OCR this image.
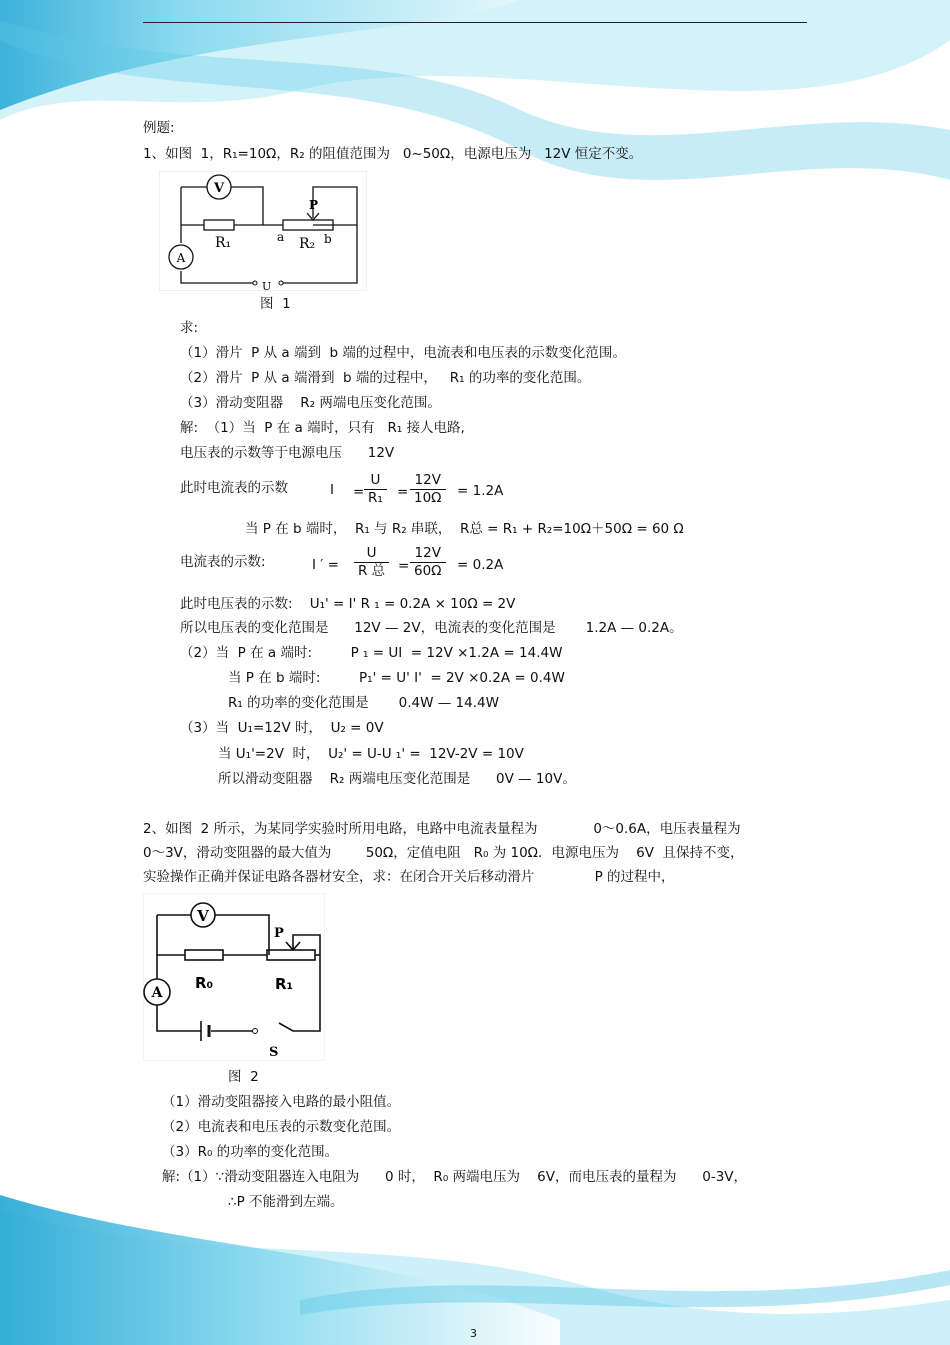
例题:
1、如图  1，R₁=10Ω，R₂ 的阻值范围为   0~50Ω，电源电压为   12V 恒定不变。
V
A
R₁	a R₂ b
P
U
图  1
求:
（1）滑片  P 从 a 端到  b 端的过程中，电流表和电压表的示数变化范围。
（2）滑片  P 从 a 端滑到  b 端的过程中，   R₁ 的功率的变化范围。
（3）滑动变阻器    R₂ 两端电压变化范围。
解:  （1）当  P 在 a 端时，只有   R₁ 接人电路,
电压表的示数等于电源电压      12V
此时电流表的示数	$I = \frac{U}{\text{R₁}} = \frac{12V}{10\Omega} = 1.2A$
当 P 在 b 端时，  R₁ 与 R₂ 串联，  R总 = R₁ + R₂=10Ω＋50Ω = 60 Ω
电流表的示数:	I ′ =
U
R 总 = $\frac{12V}{60\Omega} = 0.2A$
此时电压表的示数:    U₁' = I' R ₁ = 0.2A × 10Ω = 2V
所以电压表的变化范围是      12V — 2V，电流表的变化范围是       1.2A — 0.2A。
（2）当  P 在 a 端时:         P ₁ = UI  = 12V ×1.2A = 14.4W
当 P 在 b 端时:         P₁' = U' I'  = 2V ×0.2A = 0.4W
R₁ 的功率的变化范围是       0.4W — 14.4W
（3）当  U₁=12V 时，  U₂ = 0V
当 U₁'=2V  时，  U₂' = U-U ₁' =  12V-2V = 10V
所以滑动变阻器    R₂ 两端电压变化范围是      0V — 10V。
2、如图  2 所示，为某同学实验时所用电路，电路中电流表量程为             0～0.6A，电压表量程为
0～3V，滑动变阻器的最大值为        50Ω，定值电阻   R₀ 为 10Ω．电源电压为    6V  且保持不变，
实验操作正确并保证电路各器材安全，求：在闭合开关后移动滑片              P 的过程中，
V
A
R₀	R₁
P
S
图  2
（1）滑动变阻器接入电路的最小阻值。
（2）电流表和电压表的示数变化范围。
（3）R₀ 的功率的变化范围。
解:（1）∵滑动变阻器连入电阻为      0 时，  R₀ 两端电压为    6V，而电压表的量程为      0-3V，
∴P 不能滑到左端。
3
